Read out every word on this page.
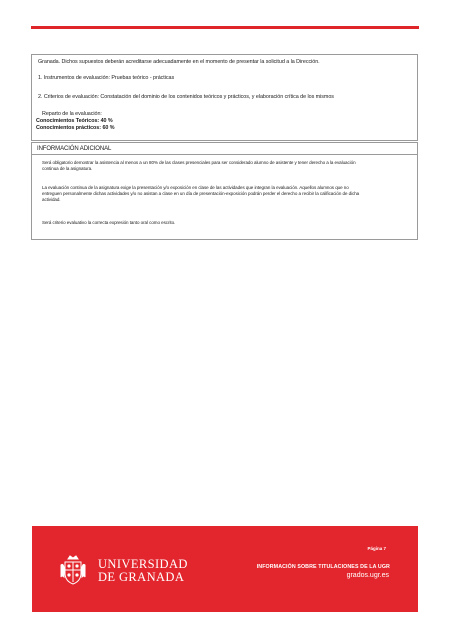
Granada. Dichos supuestos deberán acreditarse adecuadamente en el momento de presentar la solicitud a la Dirección.
1. Instrumentos de evaluación: Pruebas teórico - prácticas
2. Criterios de evaluación: Constatación del dominio de los contenidos teóricos y prácticos, y elaboración crítica de los mismos
Reparto de la evaluación:
Conocimientos Teóricos: 40 %
Conocimientos prácticos: 60 %
INFORMACIÓN ADICIONAL
Será obligatorio demostrar la asistencia al menos a un 80% de las clases presenciales para ser considerado alumno de asistente y tener derecho a la evaluación
continua de la asignatura.
La evaluación continua de la asignatura exige la presentación y/o exposición en clase de las actividades que integran la evaluación. Aquellos alumnos que no
entreguen personalmente dichas actividades y/o no asistan a clase en un día de presentación-exposición podrán perder el derecho a recibir la calificación de dicha
actividad.
Será criterio evaluativo la correcta expresión tanto oral como escrito.
UNIVERSIDAD
DE GRANADA
Página 7
INFORMACIÓN SOBRE TITULACIONES DE LA UGR
grados.ugr.es
